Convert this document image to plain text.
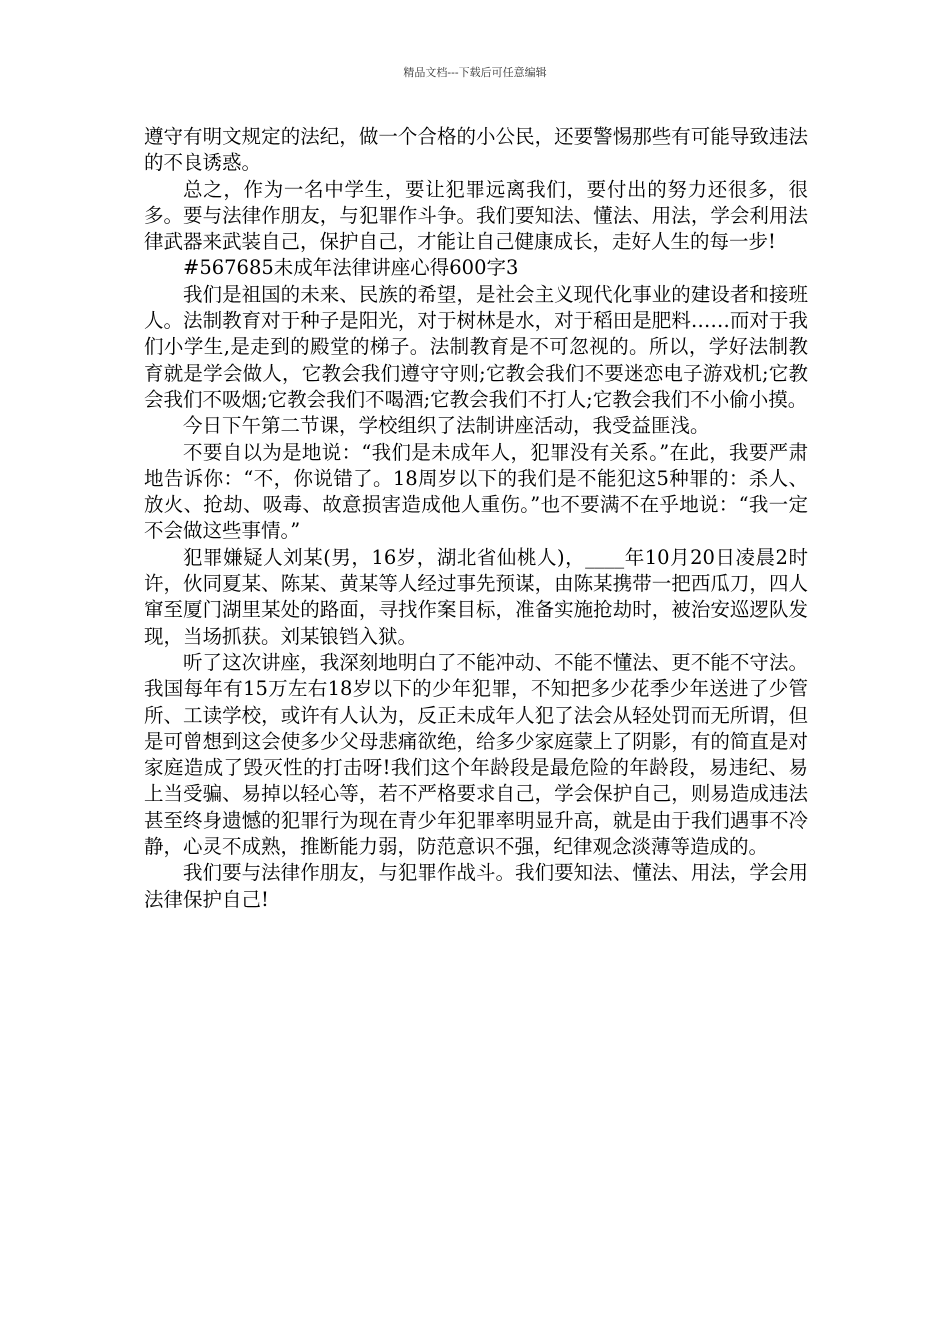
精品文档---下载后可任意编辑

遵守有明文规定的法纪，做一个合格的小公民，还要警惕那些有可能导致违法的不良诱惑。

总之，作为一名中学生，要让犯罪远离我们，要付出的努力还很多，很多。要与法律作朋友，与犯罪作斗争。我们要知法、懂法、用法，学会利用法律武器来武装自己，保护自己，才能让自己健康成长，走好人生的每一步!

#567685未成年法律讲座心得600字3

我们是祖国的未来、民族的希望，是社会主义现代化事业的建设者和接班人。法制教育对于种子是阳光，对于树林是水，对于稻田是肥料……而对于我们小学生,是走到的殿堂的梯子。法制教育是不可忽视的。所以，学好法制教育就是学会做人，它教会我们遵守守则;它教会我们不要迷恋电子游戏机;它教会我们不吸烟;它教会我们不喝酒;它教会我们不打人;它教会我们不小偷小摸。

今日下午第二节课，学校组织了法制讲座活动，我受益匪浅。

不要自以为是地说：“我们是未成年人，犯罪没有关系。”在此，我要严肃地告诉你：“不，你说错了。18周岁以下的我们是不能犯这5种罪的：杀人、放火、抢劫、吸毒、故意损害造成他人重伤。”也不要满不在乎地说：“我一定不会做这些事情。”

犯罪嫌疑人刘某(男，16岁，湖北省仙桃人)，____年10月20日凌晨2时许，伙同夏某、陈某、黄某等人经过事先预谋，由陈某携带一把西瓜刀，四人窜至厦门湖里某处的路面，寻找作案目标，准备实施抢劫时，被治安巡逻队发现，当场抓获。刘某锒铛入狱。

听了这次讲座，我深刻地明白了不能冲动、不能不懂法、更不能不守法。我国每年有15万左右18岁以下的少年犯罪，不知把多少花季少年送进了少管所、工读学校，或许有人认为，反正未成年人犯了法会从轻处罚而无所谓，但是可曾想到这会使多少父母悲痛欲绝，给多少家庭蒙上了阴影，有的简直是对家庭造成了毁灭性的打击呀!我们这个年龄段是最危险的年龄段，易违纪、易上当受骗、易掉以轻心等，若不严格要求自己，学会保护自己，则易造成违法甚至终身遗憾的犯罪行为现在青少年犯罪率明显升高，就是由于我们遇事不冷静，心灵不成熟，推断能力弱，防范意识不强，纪律观念淡薄等造成的。

我们要与法律作朋友，与犯罪作战斗。我们要知法、懂法、用法，学会用法律保护自己!
